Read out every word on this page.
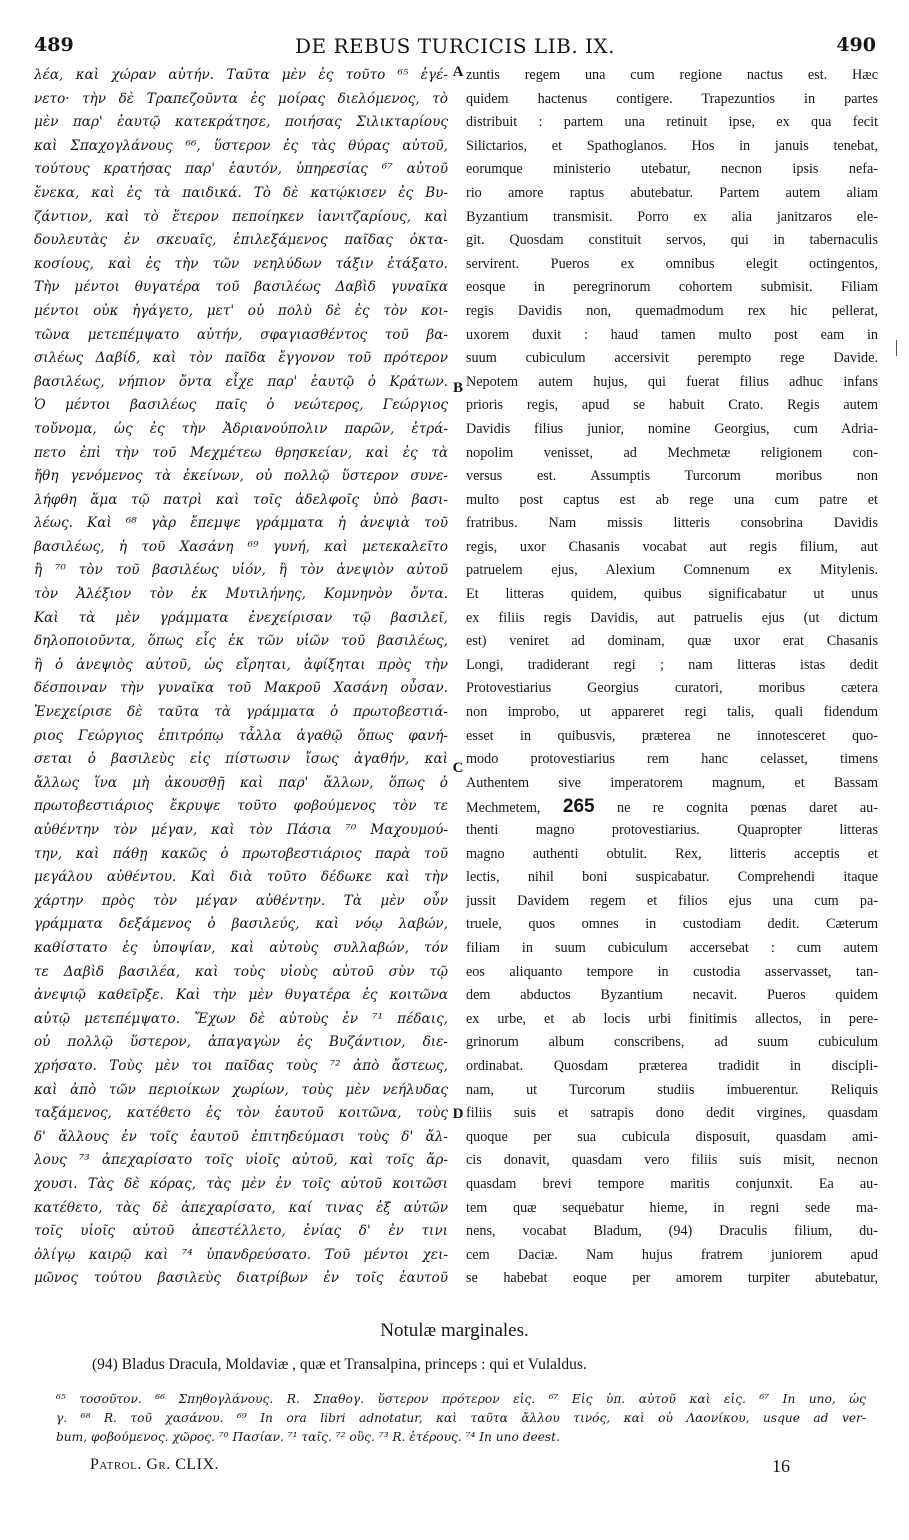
489	DE REBUS TURCICIS LIB. IX.	490
λέα, καὶ χώραν αὐτήν. Ταῦτα μὲν ἐς τοῦτο ⁶⁵ ἐγέ-
νετο· τὴν δὲ Τραπεζοῦντα ἐς μοίρας διελόμενος, τὸ
μὲν παρ' ἑαυτῷ κατεκράτησε, ποιήσας Σιλικταρίους
καὶ Σπαχογλάνους ⁶⁶, ὕστερον ἐς τὰς θύρας αὐτοῦ,
τούτους κρατήσας παρ' ἑαυτόν, ὑπηρεσίας ⁶⁷ αὐτοῦ
ἕνεκα, καὶ ἐς τὰ παιδικά. Τὸ δὲ κατῴκισεν ἐς Βυ-
ζάντιον, καὶ τὸ ἕτερον πεποίηκεν ἰανιτζαρίους, καὶ
δουλευτὰς ἐν σκευαῖς, ἐπιλεξάμενος παῖδας ὀκτα-
κοσίους, καὶ ἐς τὴν τῶν νεηλύδων τάξιν ἐτάξατο.
Τὴν μέντοι θυγατέρα τοῦ βασιλέως Δαβὶδ γυναῖκα
μέντοι οὐκ ἠγάγετο, μετ' οὐ πολὺ δὲ ἐς τὸν κοι-
τῶνα μετεπέμψατο αὐτήν, σφαγιασθέντος τοῦ βα-
σιλέως Δαβίδ, καὶ τὸν παῖδα ἔγγονον τοῦ πρότερον
βασιλέως, νήπιον ὄντα εἶχε παρ' ἑαυτῷ ὁ Κράτων.
Ὁ μέντοι βασιλέως παῖς ὁ νεώτερος, Γεώργιος
τοὔνομα, ὡς ἐς τὴν Ἀδριανούπολιν παρῶν, ἐτρά-
πετο ἐπὶ τὴν τοῦ Μεχμέτεω θρησκείαν, καὶ ἐς τὰ
ἤθη γενόμενος τὰ ἐκείνων, οὐ πολλῷ ὕστερον συνε-
λήφθη ἅμα τῷ πατρὶ καὶ τοῖς ἀδελφοῖς ὑπὸ βασι-
λέως. Καὶ ⁶⁸ γὰρ ἔπεμψε γράμματα ἡ ἀνεψιὰ τοῦ
βασιλέως, ἡ τοῦ Χασάνη ⁶⁹ γυνή, καὶ μετεκαλεῖτο
ἢ ⁷⁰ τὸν τοῦ βασιλέως υἱόν, ἢ τὸν ἀνεψιὸν αὐτοῦ
τὸν Ἀλέξιον τὸν ἐκ Μυτιλήνης, Κομνηνὸν ὄντα.
Καὶ τὰ μὲν γράμματα ἐνεχείρισαν τῷ βασιλεῖ,
δηλοποιοῦντα, ὅπως εἷς ἐκ τῶν υἱῶν τοῦ βασιλέως,
ἢ ὁ ἀνεψιὸς αὐτοῦ, ὡς εἴρηται, ἀφίξηται πρὸς τὴν
δέσποιναν τὴν γυναῖκα τοῦ Μακροῦ Χασάνη οὖσαν.
Ἐνεχείρισε δὲ ταῦτα τὰ γράμματα ὁ πρωτοβεστιά-
ριος Γεώργιος ἐπιτρόπῳ τἆλλα ἀγαθῷ ὅπως φανή-
σεται ὁ βασιλεὺς εἰς πίστωσιν ἴσως ἀγαθήν, καὶ
ἄλλως ἵνα μὴ ἀκουσθῇ καὶ παρ' ἄλλων, ὅπως ὁ
πρωτοβεστιάριος ἔκρυψε τοῦτο φοβούμενος τὸν τε
αὐθέντην τὸν μέγαν, καὶ τὸν Πάσια ⁷⁰ Μαχουμού-
την, καὶ πάθῃ κακῶς ὁ πρωτοβεστιάριος παρὰ τοῦ
μεγάλου αὐθέντου. Καὶ διὰ τοῦτο δέδωκε καὶ τὴν
χάρτην πρὸς τὸν μέγαν αὐθέντην. Τὰ μὲν οὖν
γράμματα δεξάμενος ὁ βασιλεύς, καὶ νόῳ λαβών,
καθίστατο ἐς ὑποψίαν, καὶ αὐτοὺς συλλαβών, τόν
τε Δαβὶδ βασιλέα, καὶ τοὺς υἱοὺς αὐτοῦ σὺν τῷ
ἀνεψιῷ καθεῖρξε. Καὶ τὴν μὲν θυγατέρα ἐς κοιτῶνα
αὐτῷ μετεπέμψατο. Ἔχων δὲ αὐτοὺς ἐν ⁷¹ πέδαις,
οὐ πολλῷ ὕστερον, ἀπαγαγὼν ἐς Βυζάντιον, διε-
χρήσατο. Τοὺς μὲν τοι παῖδας τοὺς ⁷² ἀπὸ ἄστεως,
καὶ ἀπὸ τῶν περιοίκων χωρίων, τοὺς μὲν νεήλυδας
ταξάμενος, κατέθετο ἐς τὸν ἑαυτοῦ κοιτῶνα, τοὺς
δ' ἄλλους ἐν τοῖς ἑαυτοῦ ἐπιτηδεύμασι τοὺς δ' ἄλ-
λους ⁷³ ἀπεχαρίσατο τοῖς υἱοῖς αὐτοῦ, καὶ τοῖς ἄρ-
χουσι. Τὰς δὲ κόρας, τὰς μὲν ἐν τοῖς αὐτοῦ κοιτῶσι
κατέθετο, τὰς δὲ ἀπεχαρίσατο, καί τινας ἐξ αὐτῶν
τοῖς υἱοῖς αὐτοῦ ἀπεστέλλετο, ἐνίας δ' ἐν τινι
ὀλίγῳ καιρῷ καὶ ⁷⁴ ὑπανδρεύσατο. Τοῦ μέντοι χει-
μῶνος τούτου βασιλεὺς διατρίβων ἐν τοῖς ἑαυτοῦ
zuntis regem una cum regione nactus est. Hæc
quidem hactenus contigere. Trapezuntios in partes
distribuit : partem una retinuit ipse, ex qua fecit
Silictarios, et Spathoglanos. Hos in januis tenebat,
eorumque ministerio utebatur, necnon ipsis nefa-
rio amore raptus abutebatur. Partem autem aliam
Byzantium transmisit. Porro ex alia janitzaros ele-
git. Quosdam constituit servos, qui in tabernaculis
servirent. Pueros ex omnibus elegit octingentos,
eosque in peregrinorum cohortem submisit. Filiam
regis Davidis non, quemadmodum rex hic pellerat,
uxorem duxit : haud tamen multo post eam in
suum cubiculum accersivit perempto rege Davide.
Nepotem autem hujus, qui fuerat filius adhuc infans
prioris regis, apud se habuit Crato. Regis autem
Davidis filius junior, nomine Georgius, cum Adria-
nopolim venisset, ad Mechmetæ religionem con-
versus est. Assumptis Turcorum moribus non
multo post captus est ab rege una cum patre et
fratribus. Nam missis litteris consobrina Davidis
regis, uxor Chasanis vocabat aut regis filium, aut
patruelem ejus, Alexium Comnenum ex Mitylenis.
Et litteras quidem, quibus significabatur ut unus
ex filiis regis Davidis, aut patruelis ejus (ut dictum
est) veniret ad dominam, quæ uxor erat Chasanis
Longi, tradiderant regi ; nam litteras istas dedit
Protovestiarius Georgius curatori, moribus cætera
non improbo, ut appareret regi talis, quali fidendum
esset in quibusvis, præterea ne innotesceret quo-
modo protovestiarius rem hanc celasset, timens
Authentem sive imperatorem magnum, et Bassam
Mechmetem, 265 ne re cognita pœnas daret au-
thenti magno protovestiarius. Quapropter litteras
magno authenti obtulit. Rex, litteris acceptis et
lectis, nihil boni suspicabatur. Comprehendi itaque
jussit Davidem regem et filios ejus una cum pa-
truele, quos omnes in custodiam dedit. Cæterum
filiam in suum cubiculum accersebat : cum autem
eos aliquanto tempore in custodia asservasset, tan-
dem abductos Byzantium necavit. Pueros quidem
ex urbe, et ab locis urbi finitimis allectos, in pere-
grinorum album conscribens, ad suum cubiculum
ordinabat. Quosdam præterea tradidit in discipli-
nam, ut Turcorum studiis imbuerentur. Reliquis
filiis suis et satrapis dono dedit virgines, quasdam
quoque per sua cubicula disposuit, quasdam ami-
cis donavit, quasdam vero filiis suis misit, necnon
quasdam brevi tempore maritis conjunxit. Ea au-
tem quæ sequebatur hieme, in regni sede ma-
nens, vocabat Bladum, (94) Draculis filium, du-
cem Daciæ. Nam hujus fratrem juniorem apud
se habebat eoque per amorem turpiter abutebatur,
A
B
C
D
Notulæ marginales.
(94) Bladus Dracula, Moldaviæ , quæ et Transalpina, princeps : qui et Vulaldus.
⁶⁵ τοσοῦτον. ⁶⁶ Σπηθογλάνους. R. Σπαθογ. ὕστερον πρότερον εἰς. ⁶⁷ Εἰς ὑπ. αὐτοῦ καὶ εἰς. ⁶⁷ In uno, ὡς
γ. ⁶⁸ R. τοῦ χασάνου. ⁶⁹ In ora libri adnotatur, καὶ ταῦτα ἄλλου τινός, καὶ οὐ Λαονίκου, usque ad ver-
bum, φοβούμενος. χῶρος. ⁷⁰ Πασίαν. ⁷¹ ταῖς. ⁷² οὓς. ⁷³ R. ἑτέρους. ⁷⁴ In uno deest.
Patrol. Gr. CLIX.	16
